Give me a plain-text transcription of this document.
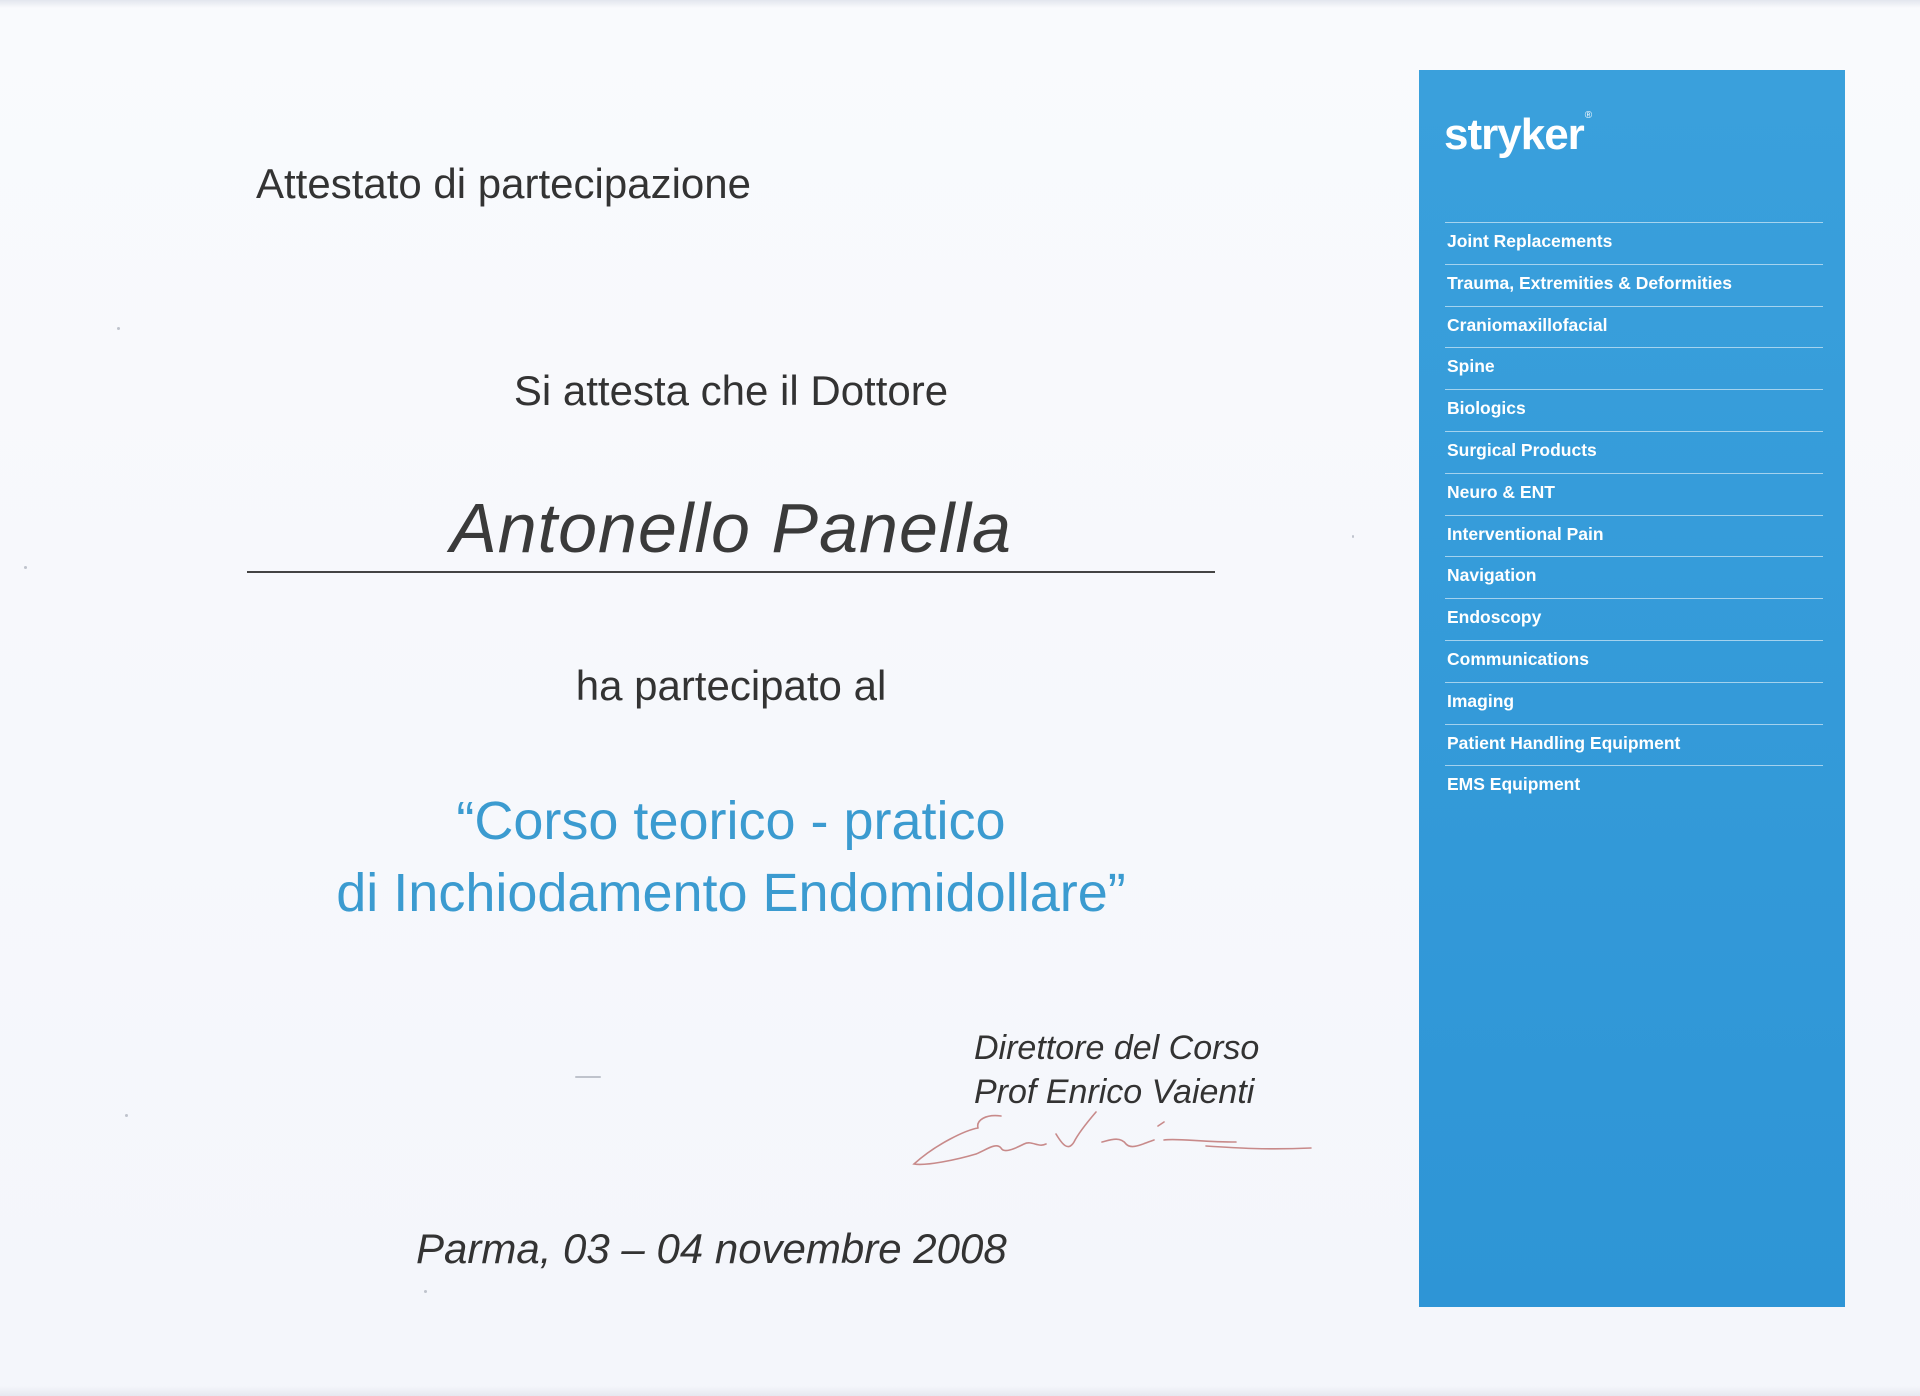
Attestato di partecipazione
Si attesta che il Dottore
Antonello Panella
ha partecipato al
“Corso teorico - pratico
di Inchiodamento Endomidollare”
Direttore del Corso
Prof Enrico Vaienti
Parma, 03 – 04 novembre 2008
stryker®
Joint Replacements
Trauma, Extremities & Deformities
Craniomaxillofacial
Spine
Biologics
Surgical Products
Neuro & ENT
Interventional Pain
Navigation
Endoscopy
Communications
Imaging
Patient Handling Equipment
EMS Equipment
